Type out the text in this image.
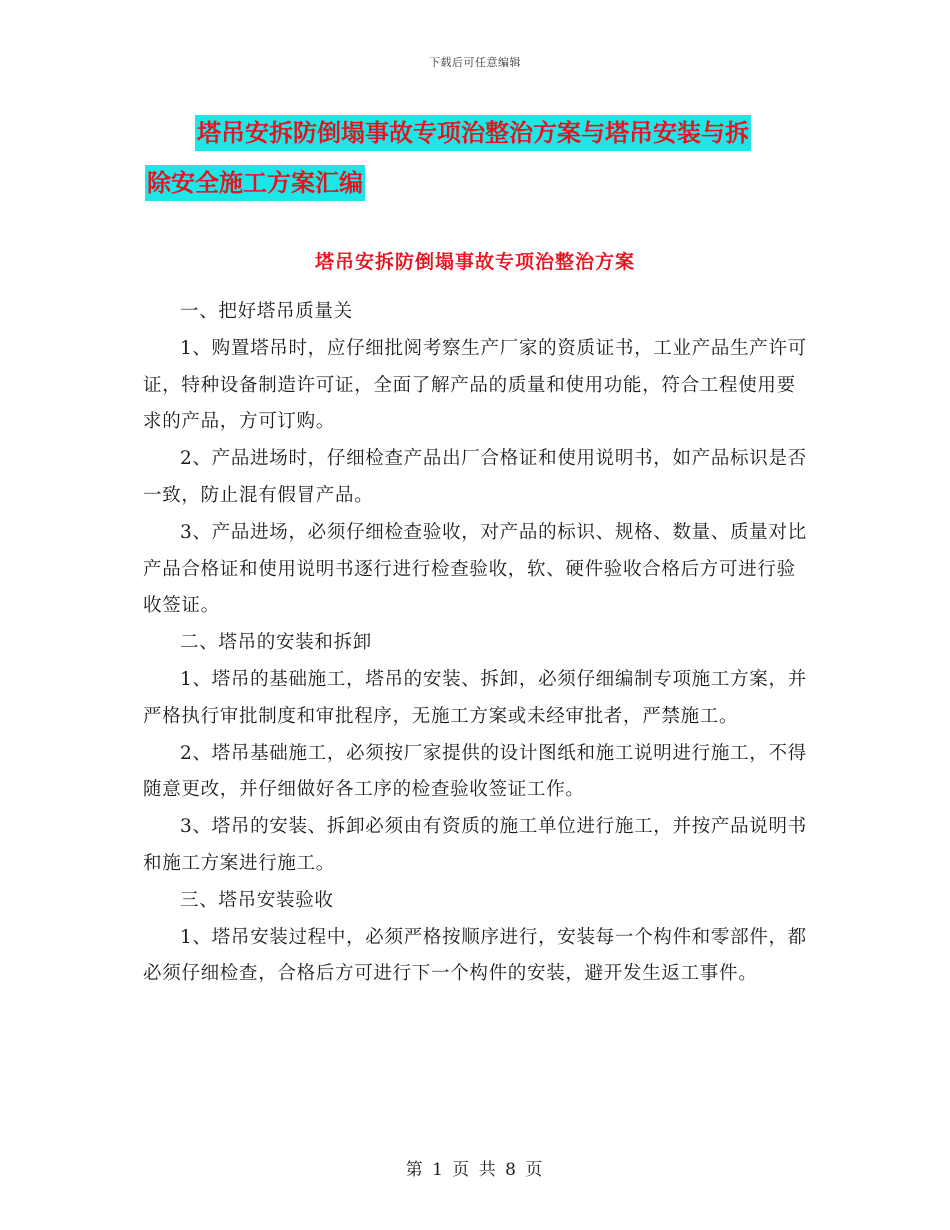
下载后可任意编辑
塔吊安拆防倒塌事故专项治整治方案与塔吊安装与拆
除安全施工方案汇编
塔吊安拆防倒塌事故专项治整治方案

一、把好塔吊质量关

1、购置塔吊时，应仔细批阅考察生产厂家的资质证书，工业产品生产许可证，特种设备制造许可证，全面了解产品的质量和使用功能，符合工程使用要求的产品，方可订购。

2、产品进场时，仔细检查产品出厂合格证和使用说明书，如产品标识是否一致，防止混有假冒产品。

3、产品进场，必须仔细检查验收，对产品的标识、规格、数量、质量对比产品合格证和使用说明书逐行进行检查验收，软、硬件验收合格后方可进行验收签证。

二、塔吊的安装和拆卸

1、塔吊的基础施工，塔吊的安装、拆卸，必须仔细编制专项施工方案，并严格执行审批制度和审批程序，无施工方案或未经审批者，严禁施工。

2、塔吊基础施工，必须按厂家提供的设计图纸和施工说明进行施工，不得随意更改，并仔细做好各工序的检查验收签证工作。

3、塔吊的安装、拆卸必须由有资质的施工单位进行施工，并按产品说明书和施工方案进行施工。

三、塔吊安装验收

1、塔吊安装过程中，必须严格按顺序进行，安装每一个构件和零部件，都必须仔细检查，合格后方可进行下一个构件的安装，避开发生返工事件。

第 1 页 共 8 页
